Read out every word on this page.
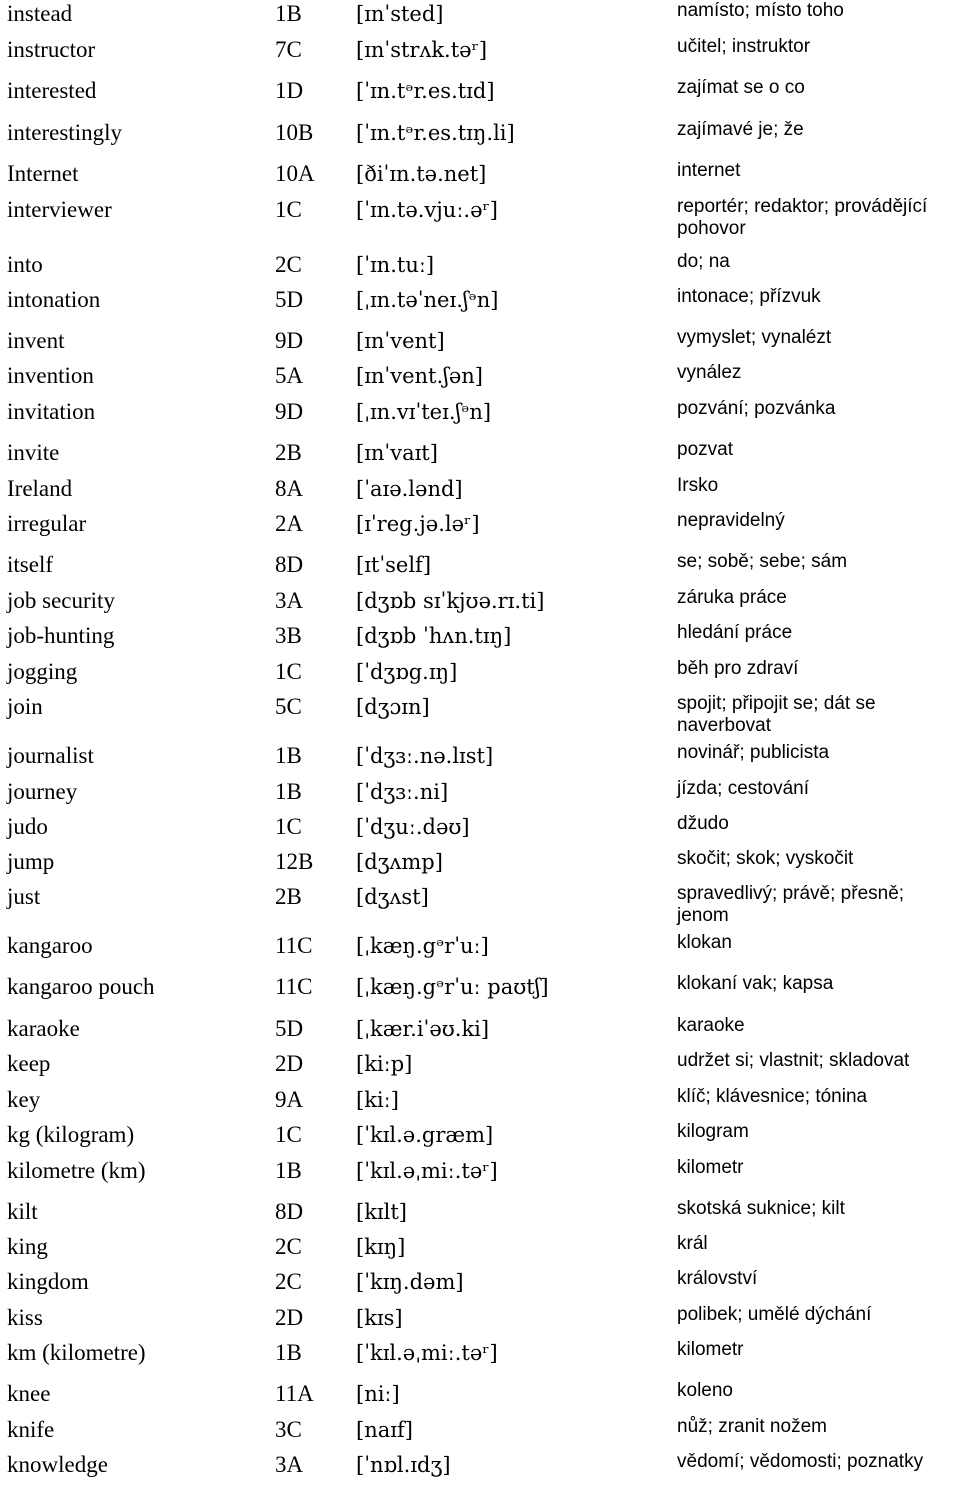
instead	1B	[ɪnˈsted]	namísto; místo toho
instructor	7C	[ɪnˈstrʌk.təʳ]	učitel; instruktor
interested	1D	[ˈɪn.tᵊr.es.tɪd]	zajímat se o co
interestingly	10B [ˈɪn.tᵊr.es.tɪŋ.li]	zajímavé je; že
Internet	10A [ðiˈɪn.tə.net]	internet
interviewer	1C	[ˈɪn.tə.vjuː.əʳ]	reportér; redaktor; provádějící pohovor
into	2C	[ˈɪn.tuː]	do; na
intonation	5D	[ˌɪn.təˈneɪ.ʃᵊn]	intonace; přízvuk
invent	9D	[ɪnˈvent]	vymyslet; vynalézt
invention	5A	[ɪnˈvent.ʃən]	vynález
invitation	9D	[ˌɪn.vɪˈteɪ.ʃᵊn]	pozvání; pozvánka
invite	2B	[ɪnˈvaɪt]	pozvat
Ireland	8A	[ˈaɪə.lənd]	Irsko
irregular	2A	[ɪˈreg.jə.ləʳ]	nepravidelný
itself	8D	[ɪtˈself]	se; sobě; sebe; sám
job security	3A	[dʒɒb sɪˈkjʊə.rɪ.ti]	záruka práce
job-hunting	3B	[dʒɒb ˈhʌn.tɪŋ]	hledání práce
jogging	1C	[ˈdʒɒg.ɪŋ]	běh pro zdraví
join	5C	[dʒɔɪn]	spojit; připojit se; dát se naverbovat
journalist	1B	[ˈdʒɜː.nə.lɪst]	novinář; publicista
journey	1B	[ˈdʒɜː.ni]	jízda; cestování
judo	1C	[ˈdʒuː.dəʊ]	džudo
jump	12B [dʒʌmp]	skočit; skok; vyskočit
just	2B	[dʒʌst]	spravedlivý; právě; přesně; jenom
kangaroo	11C [ˌkæŋ.gᵊrˈuː]	klokan
kangaroo pouch	11C [ˌkæŋ.gᵊrˈuː paʊtʃ]	klokaní vak; kapsa
karaoke	5D	[ˌkær.iˈəʊ.ki]	karaoke
keep	2D	[kiːp]	udržet si; vlastnit; skladovat
key	9A	[kiː]	klíč; klávesnice; tónina
kg (kilogram)	1C	[ˈkɪl.ə.græm]	kilogram
kilometre (km)	1B	[ˈkɪl.əˌmiː.təʳ]	kilometr
kilt	8D	[kɪlt]	skotská suknice; kilt
king	2C	[kɪŋ]	král
kingdom	2C	[ˈkɪŋ.dəm]	království
kiss	2D	[kɪs]	polibek; umělé dýchání
km (kilometre)	1B	[ˈkɪl.əˌmiː.təʳ]	kilometr
knee	11A [niː]	koleno
knife	3C	[naɪf]	nůž; zranit nožem
knowledge	3A	[ˈnɒl.ɪdʒ]	vědomí; vědomosti; poznatky
